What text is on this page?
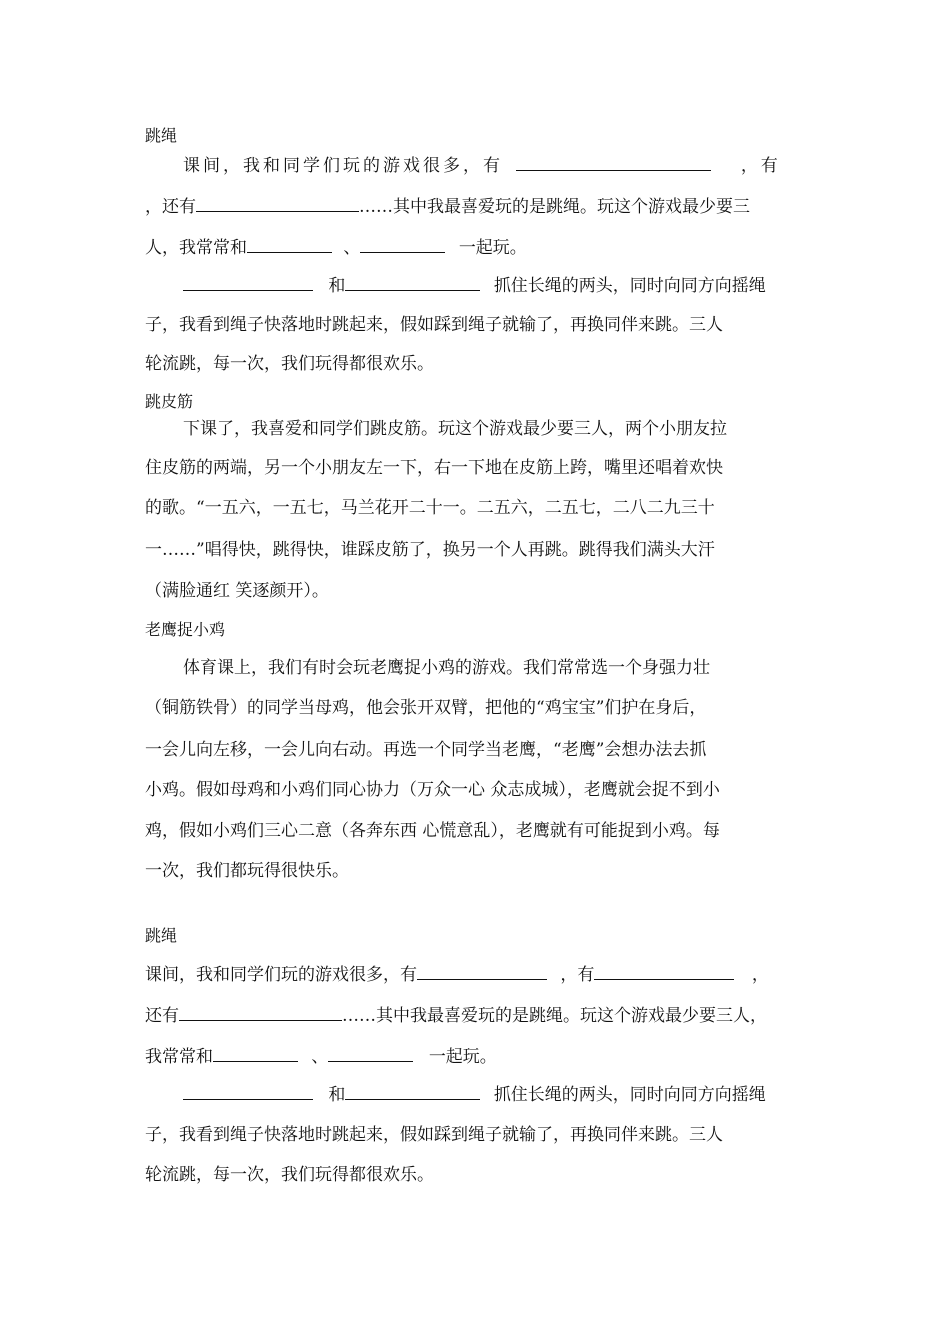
跳绳
课间，我和同学们玩的游戏很多，有	，有
，还有	……其中我最喜爱玩的是跳绳。玩这个游戏最少要三
人，我常常和	、	一起玩。
和	抓住长绳的两头，同时向同方向摇绳
子，我看到绳子快落地时跳起来，假如踩到绳子就输了，再换同伴来跳。三人
轮流跳，每一次，我们玩得都很欢乐。
跳皮筋
下课了，我喜爱和同学们跳皮筋。玩这个游戏最少要三人，两个小朋友拉
住皮筋的两端，另一个小朋友左一下，右一下地在皮筋上跨，嘴里还唱着欢快
的歌。“一五六，一五七，马兰花开二十一。二五六，二五七，二八二九三十
一……”唱得快，跳得快，谁踩皮筋了，换另一个人再跳。跳得我们满头大汗
（满脸通红 笑逐颜开）。
老鹰捉小鸡
体育课上，我们有时会玩老鹰捉小鸡的游戏。我们常常选一个身强力壮
（铜筋铁骨）的同学当母鸡，他会张开双臂，把他的“鸡宝宝”们护在身后，
一会儿向左移，一会儿向右动。再选一个同学当老鹰，“老鹰”会想办法去抓
小鸡。假如母鸡和小鸡们同心协力（万众一心 众志成城），老鹰就会捉不到小
鸡，假如小鸡们三心二意（各奔东西 心慌意乱），老鹰就有可能捉到小鸡。每
一次，我们都玩得很快乐。
跳绳
课间，我和同学们玩的游戏很多，有	，有	，
还有	……其中我最喜爱玩的是跳绳。玩这个游戏最少要三人，
我常常和	、	一起玩。
和	抓住长绳的两头，同时向同方向摇绳
子，我看到绳子快落地时跳起来，假如踩到绳子就输了，再换同伴来跳。三人
轮流跳，每一次，我们玩得都很欢乐。
